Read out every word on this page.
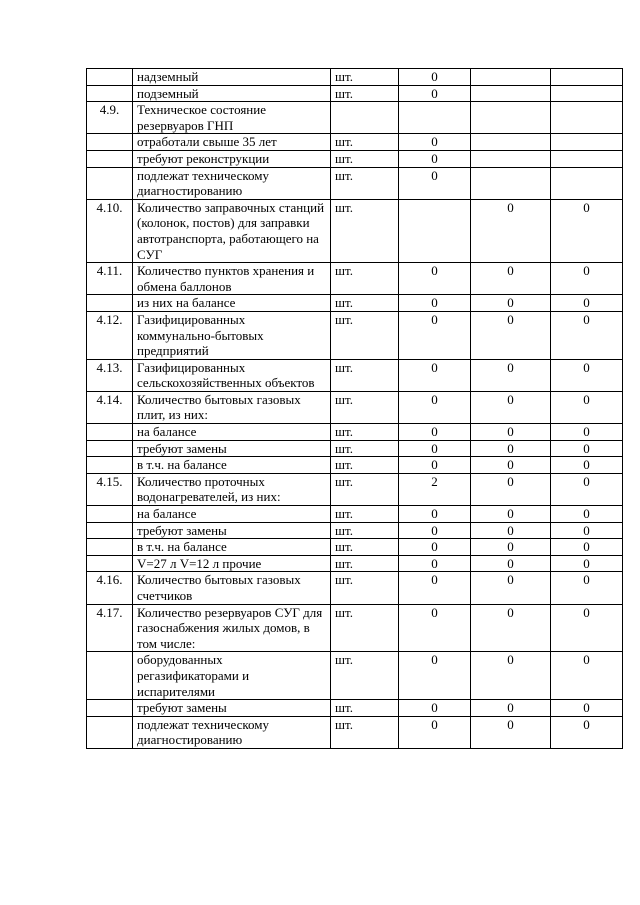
	надземный	шт.	0		
	подземный	шт.	0		
4.9.	Техническое состояние резервуаров ГНП				
	отработали свыше 35 лет	шт.	0		
	требуют реконструкции	шт.	0		
	подлежат техническому диагностированию	шт.	0		
4.10.	Количество заправочных станций (колонок, постов) для заправки автотранспорта, работающего на СУГ	шт.		0	0
4.11.	Количество пунктов хранения и обмена баллонов	шт.	0	0	0
	из них на балансе	шт.	0	0	0
4.12.	Газифицированных коммунально-бытовых предприятий	шт.	0	0	0
4.13.	Газифицированных сельскохозяйственных объектов	шт.	0	0	0
4.14.	Количество бытовых газовых плит, из них:	шт.	0	0	0
	на балансе	шт.	0	0	0
	требуют замены	шт.	0	0	0
	в т.ч. на балансе	шт.	0	0	0
4.15.	Количество проточных водонагревателей, из них:	шт.	2	0	0
	на балансе	шт.	0	0	0
	требуют замены	шт.	0	0	0
	в т.ч. на балансе	шт.	0	0	0
	V=27 л V=12 л прочие	шт.	0	0	0
4.16.	Количество бытовых газовых счетчиков	шт.	0	0	0
4.17.	Количество резервуаров СУГ для газоснабжения жилых домов, в том числе:	шт.	0	0	0
	оборудованных регазификаторами и испарителями	шт.	0	0	0
	требуют замены	шт.	0	0	0
	подлежат техническому диагностированию	шт.	0	0	0
